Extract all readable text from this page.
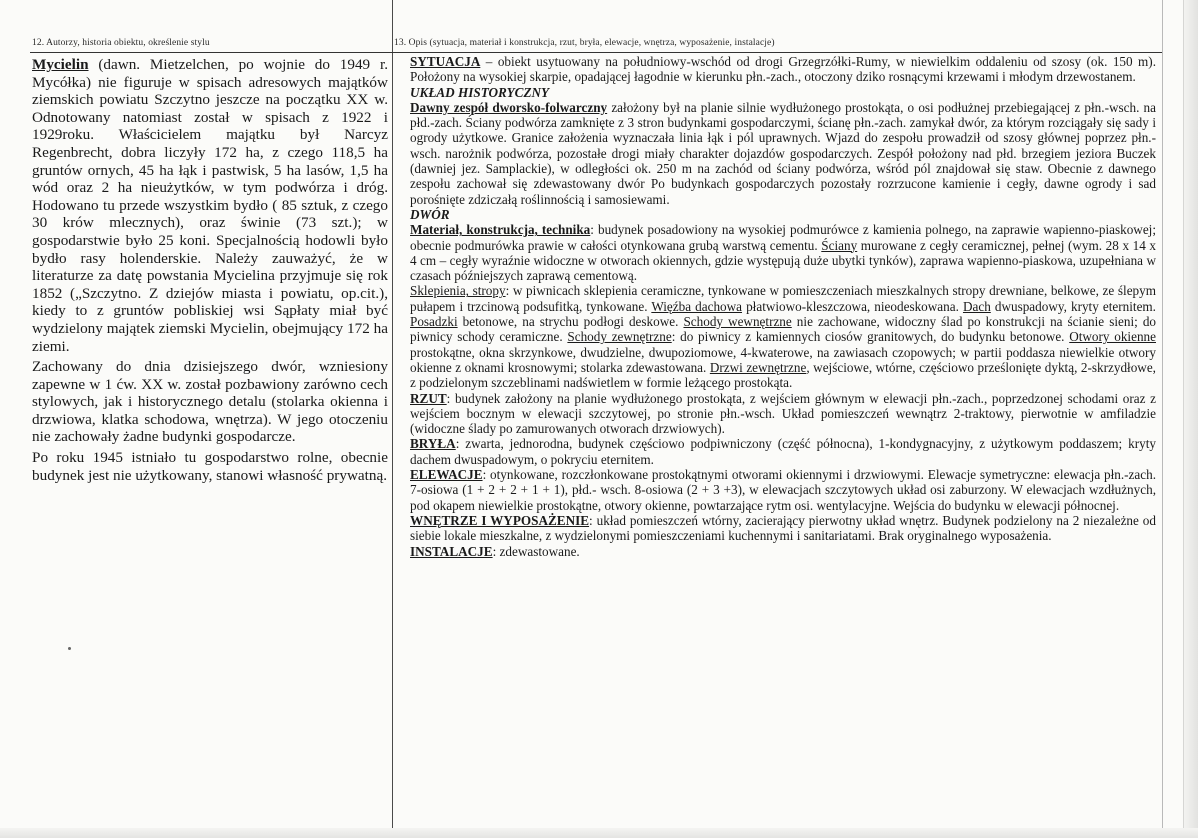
12. Autorzy, historia obiektu, określenie stylu

Mycielin (dawn. Mietzelchen, po wojnie do 1949 r. Mycółka) nie figuruje w spisach adresowych majątków ziemskich powiatu Szczytno jeszcze na początku XX w. Odnotowany natomiast został w spisach z 1922 i 1929roku. Właścicielem majątku był Narcyz Regenbrecht, dobra liczyły 172 ha, z czego 118,5 ha gruntów ornych, 45 ha łąk i pastwisk, 5 ha lasów, 1,5 ha wód oraz 2 ha nieużytków, w tym podwórza i dróg. Hodowano tu przede wszystkim bydło ( 85 sztuk, z czego 30 krów mlecznych), oraz świnie (73 szt.); w gospodarstwie było 25 koni. Specjalnością hodowli było bydło rasy holenderskie. Należy zauważyć, że w literaturze za datę powstania Mycielina przyjmuje się rok 1852 („Szczytno. Z dziejów miasta i powiatu, op.cit.), kiedy to z gruntów pobliskiej wsi Sąpłaty miał być wydzielony majątek ziemski Mycielin, obejmujący 172 ha ziemi.

Zachowany do dnia dzisiejszego dwór, wzniesiony zapewne w 1 ćw. XX w. został pozbawiony zarówno cech stylowych, jak i historycznego detalu (stolarka okienna i drzwiowa, klatka schodowa, wnętrza). W jego otoczeniu nie zachowały żadne budynki gospodarcze.

Po roku 1945 istniało tu gospodarstwo rolne, obecnie budynek jest nie użytkowany, stanowi własność prywatną.

13. Opis (sytuacja, materiał i konstrukcja, rzut, bryła, elewacje, wnętrza, wyposażenie, instalacje)

SYTUACJA – obiekt usytuowany na południowy-wschód od drogi Grzegrzółki-Rumy, w niewielkim oddaleniu od szosy (ok. 150 m). Położony na wysokiej skarpie, opadającej łagodnie w kierunku płn.-zach., otoczony dziko rosnącymi krzewami i młodym drzewostanem.

UKŁAD HISTORYCZNY

Dawny zespół dworsko-folwarczny założony był na planie silnie wydłużonego prostokąta, o osi podłużnej przebiegającej z płn.-wsch. na płd.-zach. Ściany podwórza zamknięte z 3 stron budynkami gospodarczymi, ścianę płn.-zach. zamykał dwór, za którym rozciągały się sady i ogrody użytkowe. Granice założenia wyznaczała linia łąk i pól uprawnych. Wjazd do zespołu prowadził od szosy głównej poprzez płn.-wsch. narożnik podwórza, pozostałe drogi miały charakter dojazdów gospodarczych. Zespół położony nad płd. brzegiem jeziora Buczek (dawniej jez. Samplackie), w odległości ok. 250 m na zachód od ściany podwórza, wśród pól znajdował się staw. Obecnie z dawnego zespołu zachował się zdewastowany dwór Po budynkach gospodarczych pozostały rozrzucone kamienie i cegły, dawne ogrody i sad porośnięte zdziczałą roślinnością i samosiewami.

DWÓR

Materiał, konstrukcja, technika: budynek posadowiony na wysokiej podmurówce z kamienia polnego, na zaprawie wapienno-piaskowej; obecnie podmurówka prawie w całości otynkowana grubą warstwą cementu. Ściany murowane z cegły ceramicznej, pełnej (wym. 28 x 14 x 4 cm – cegły wyraźnie widoczne w otworach okiennych, gdzie występują duże ubytki tynków), zaprawa wapienno-piaskowa, uzupełniana w czasach późniejszych zaprawą cementową.

Sklepienia, stropy: w piwnicach sklepienia ceramiczne, tynkowane w pomieszczeniach mieszkalnych stropy drewniane, belkowe, ze ślepym pułapem i trzcinową podsufitką, tynkowane. Więźba dachowa płatwiowo-kleszczowa, nieodeskowana. Dach dwuspadowy, kryty eternitem. Posadzki betonowe, na strychu podłogi deskowe. Schody wewnętrzne nie zachowane, widoczny ślad po konstrukcji na ścianie sieni; do piwnicy schody ceramiczne. Schody zewnętrzne: do piwnicy z kamiennych ciosów granitowych, do budynku betonowe. Otwory okienne prostokątne, okna skrzynkowe, dwudzielne, dwupoziomowe, 4-kwaterowe, na zawiasach czopowych; w partii poddasza niewielkie otwory okienne z oknami krosnowymi; stolarka zdewastowana. Drzwi zewnętrzne, wejściowe, wtórne, częściowo prześlonięte dyktą, 2-skrzydłowe, z podzielonym szczeblinami nadświetlem w formie leżącego prostokąta.

RZUT: budynek założony na planie wydłużonego prostokąta, z wejściem głównym w elewacji płn.-zach., poprzedzonej schodami oraz z wejściem bocznym w elewacji szczytowej, po stronie płn.-wsch. Układ pomieszczeń wewnątrz 2-traktowy, pierwotnie w amfiladzie (widoczne ślady po zamurowanych otworach drzwiowych).

BRYŁA: zwarta, jednorodna, budynek częściowo podpiwniczony (część północna), 1-kondygnacyjny, z użytkowym poddaszem; kryty dachem dwuspadowym, o pokryciu eternitem.

ELEWACJE: otynkowane, rozczłonkowane prostokątnymi otworami okiennymi i drzwiowymi. Elewacje symetryczne: elewacja płn.-zach. 7-osiowa (1 + 2 + 2 + 1 + 1), płd.- wsch. 8-osiowa (2 + 3 +3), w elewacjach szczytowych układ osi zaburzony. W elewacjach wzdłużnych, pod okapem niewielkie prostokątne, otwory okienne, powtarzające rytm osi. wentylacyjne. Wejścia do budynku w elewacji północnej.

WNĘTRZE I WYPOSAŻENIE: układ pomieszczeń wtórny, zacierający pierwotny układ wnętrz. Budynek podzielony na 2 niezależne od siebie lokale mieszkalne, z wydzielonymi pomieszczeniami kuchennymi i sanitariatami. Brak oryginalnego wyposażenia.

INSTALACJE: zdewastowane.
